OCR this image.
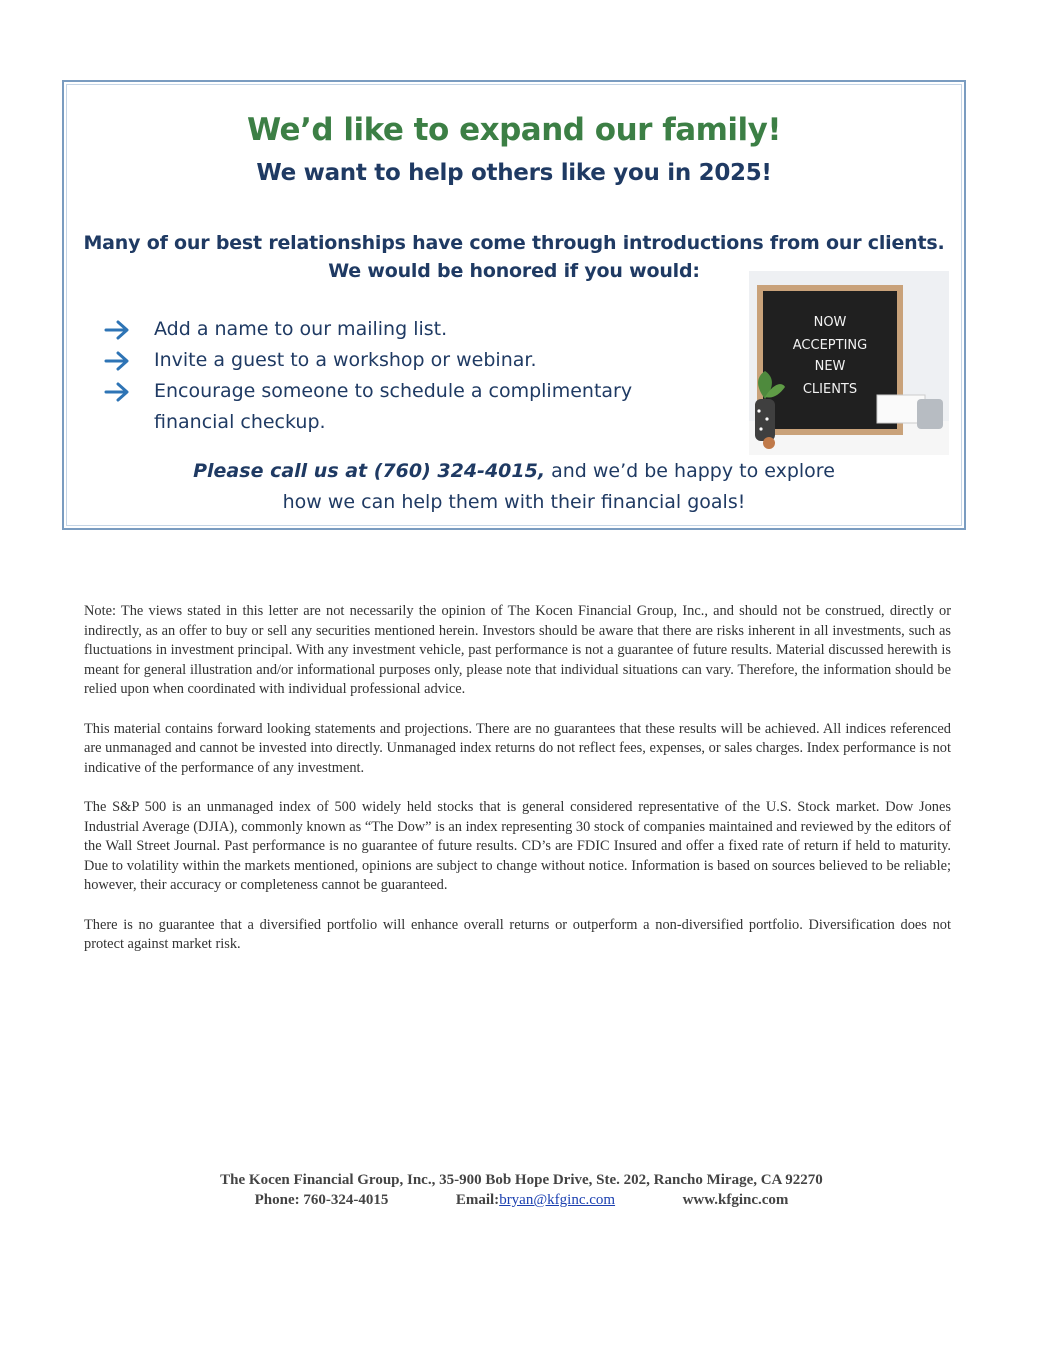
We’d like to expand our family!
We want to help others like you in 2025!
Many of our best relationships have come through introductions from our clients.
We would be honored if you would:
Add a name to our mailing list.
Invite a guest to a workshop or webinar.
Encourage someone to schedule a complimentary financial checkup.
NOW
ACCEPTING
NEW
CLIENTS
Please call us at (760) 324-4015, and we’d be happy to explore
how we can help them with their financial goals!

Note: The views stated in this letter are not necessarily the opinion of The Kocen Financial Group, Inc., and should not be construed, directly or indirectly, as an offer to buy or sell any securities mentioned herein. Investors should be aware that there are risks inherent in all investments, such as fluctuations in investment principal. With any investment vehicle, past performance is not a guarantee of future results. Material discussed herewith is meant for general illustration and/or informational purposes only, please note that individual situations can vary. Therefore, the information should be relied upon when coordinated with individual professional advice.

This material contains forward looking statements and projections. There are no guarantees that these results will be achieved. All indices referenced are unmanaged and cannot be invested into directly. Unmanaged index returns do not reflect fees, expenses, or sales charges. Index performance is not indicative of the performance of any investment.

The S&P 500 is an unmanaged index of 500 widely held stocks that is general considered representative of the U.S. Stock market. Dow Jones Industrial Average (DJIA), commonly known as “The Dow” is an index representing 30 stock of companies maintained and reviewed by the editors of the Wall Street Journal. Past performance is no guarantee of future results. CD’s are FDIC Insured and offer a fixed rate of return if held to maturity. Due to volatility within the markets mentioned, opinions are subject to change without notice. Information is based on sources believed to be reliable; however, their accuracy or completeness cannot be guaranteed.

There is no guarantee that a diversified portfolio will enhance overall returns or outperform a non-diversified portfolio. Diversification does not protect against market risk.

The Kocen Financial Group, Inc., 35-900 Bob Hope Drive, Ste. 202, Rancho Mirage, CA 92270
Phone: 760-324-4015	Email:bryan@kfginc.com	www.kfginc.com
